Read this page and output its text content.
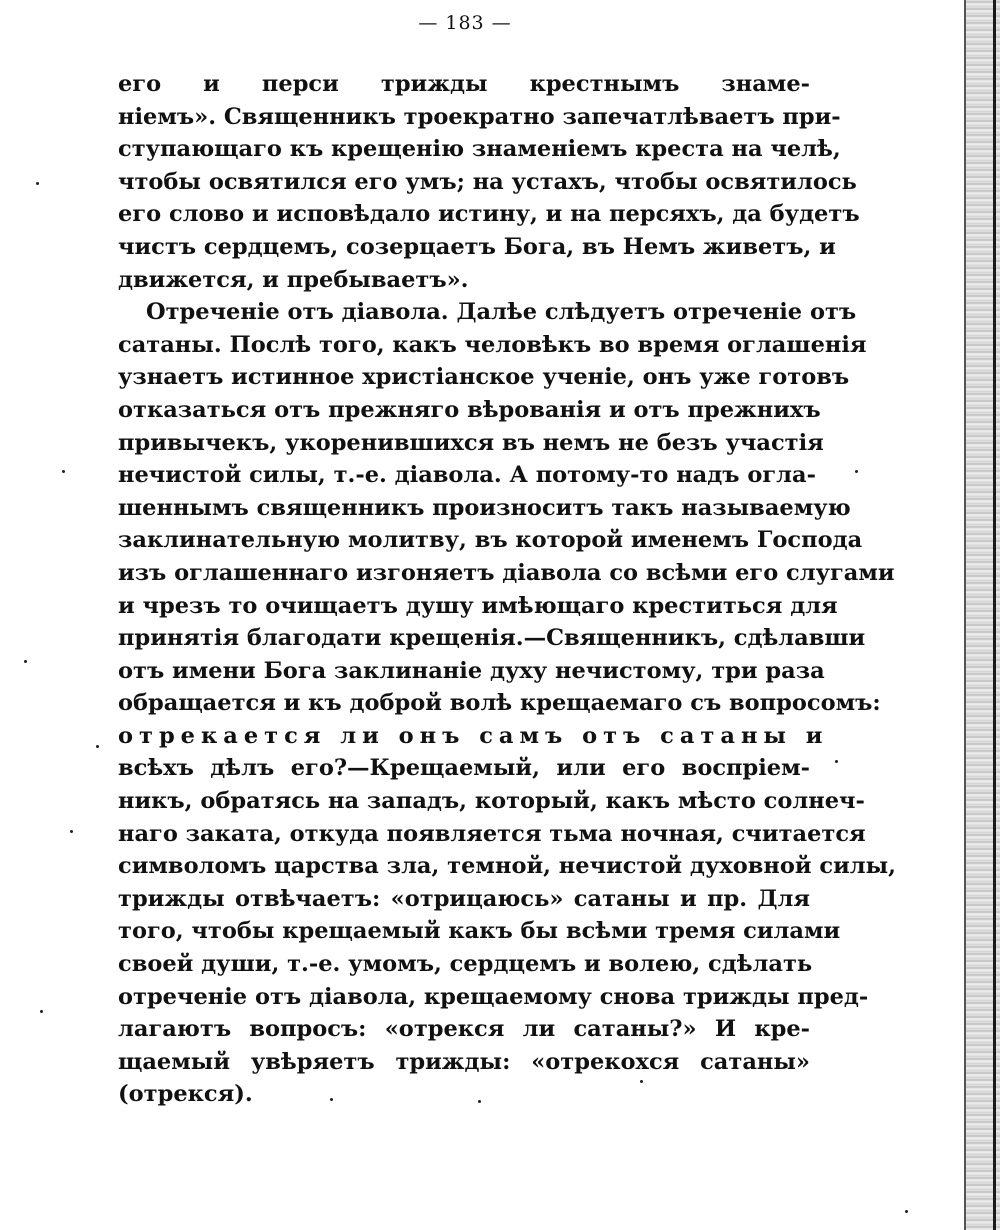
— 183 —
его и перси трижды крестнымъ знаме-
ніемъ». Священникъ троекратно запечатлѣваетъ при-
ступающаго къ крещенію знаменіемъ креста на челѣ,
чтобы освятился его умъ; на устахъ, чтобы освятилось
его слово и исповѣдало истину, и на персяхъ, да будетъ
чистъ сердцемъ, созерцаетъ Бога, въ Немъ живетъ, и
движется, и пребываетъ».
Отреченіе отъ діавола. Далѣе слѣдуетъ отреченіе отъ
сатаны. Послѣ того, какъ человѣкъ во время оглашенія
узнаетъ истинное христіанское ученіе, онъ уже готовъ
отказаться отъ прежняго вѣрованія и отъ прежнихъ
привычекъ, укоренившихся въ немъ не безъ участія
нечистой силы, т.-е. діавола. А потому-то надъ огла-
шеннымъ священникъ произноситъ такъ называемую
заклинательную молитву, въ которой именемъ Господа
изъ оглашеннаго изгоняетъ діавола со всѣми его слугами
и чрезъ то очищаетъ душу имѣющаго креститься для
принятія благодати крещенія.—Священникъ, сдѣлавши
отъ имени Бога заклинаніе духу нечистому, три раза
обращается и къ доброй волѣ крещаемаго съ вопросомъ:
отрекается ли онъ самъ отъ сатаны и
всѣхъ дѣлъ его?—Крещаемый, или его воспріем-
никъ, обратясь на западъ, который, какъ мѣсто солнеч-
наго заката, откуда появляется тьма ночная, считается
символомъ царства зла, темной, нечистой духовной силы,
трижды отвѣчаетъ: «отрицаюсь» сатаны и пр. Для
того, чтобы крещаемый какъ бы всѣми тремя силами
своей души, т.-е. умомъ, сердцемъ и волею, сдѣлать
отреченіе отъ діавола, крещаемому снова трижды пред-
лагаютъ вопросъ: «отрекся ли сатаны?» И кре-
щаемый увѣряетъ трижды: «отрекохся сатаны»
(отрекся).
